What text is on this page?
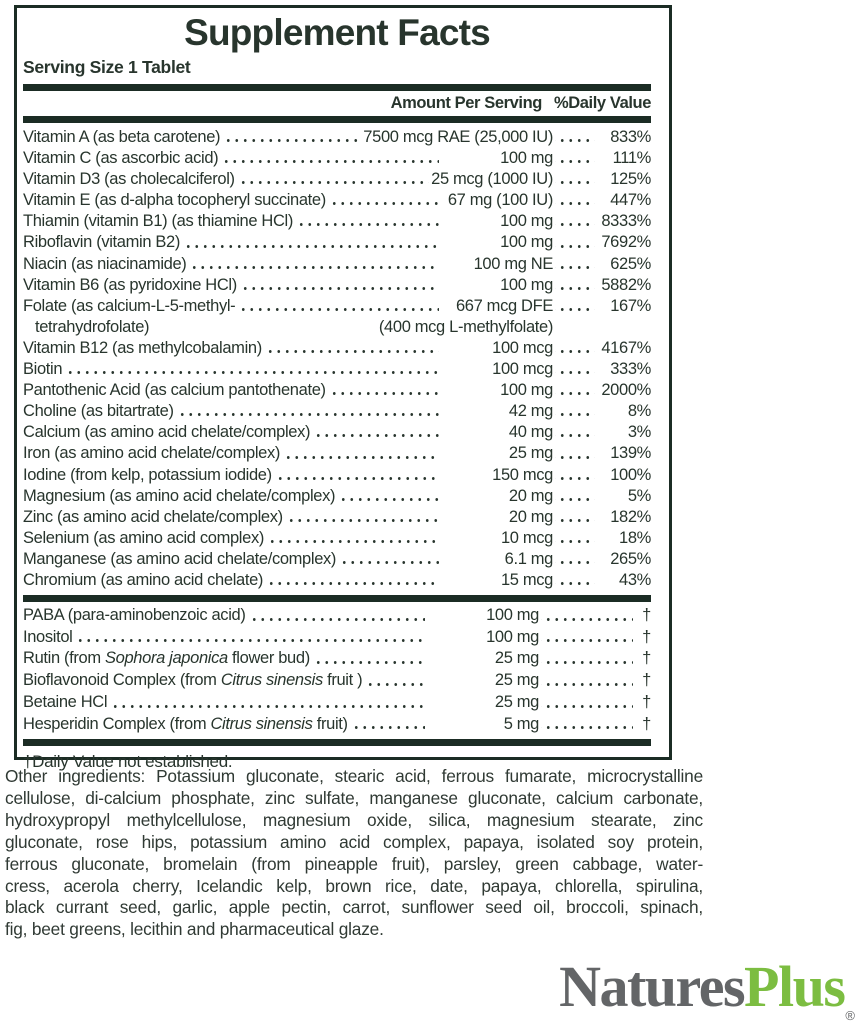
Supplement Facts
Serving Size 1 Tablet
Amount Per Serving %Daily Value
Vitamin A (as beta carotene)	7500 mcg RAE (25,000 IU)	833%
Vitamin C (as ascorbic acid)	100 mg	111%
Vitamin D3 (as cholecalciferol)	25 mcg (1000 IU)	125%
Vitamin E (as d-alpha tocopheryl succinate)	67 mg (100 IU)	447%
Thiamin (vitamin B1) (as thiamine HCl)	100 mg	8333%
Riboflavin (vitamin B2)	100 mg	7692%
Niacin (as niacinamide)	100 mg NE	625%
Vitamin B6 (as pyridoxine HCl)	100 mg	5882%
Folate (as calcium-L-5-methyl-	667 mcg DFE	167%
tetrahydrofolate)	(400 mcg L-methylfolate)
Vitamin B12 (as methylcobalamin)	100 mcg	4167%
Biotin	100 mcg	333%
Pantothenic Acid (as calcium pantothenate)	100 mg	2000%
Choline (as bitartrate)	42 mg	8%
Calcium (as amino acid chelate/complex)	40 mg	3%
Iron (as amino acid chelate/complex)	25 mg	139%
Iodine (from kelp, potassium iodide)	150 mcg	100%
Magnesium (as amino acid chelate/complex)	20 mg	5%
Zinc (as amino acid chelate/complex)	20 mg	182%
Selenium (as amino acid complex)	10 mcg	18%
Manganese (as amino acid chelate/complex)	6.1 mg	265%
Chromium (as amino acid chelate)	15 mcg	43%
PABA (para-aminobenzoic acid)	100 mg	†
Inositol	100 mg	†
Rutin (from Sophora japonica flower bud)	25 mg	†
Bioflavonoid Complex (from Citrus sinensis fruit )	25 mg	†
Betaine HCl	25 mg	†
Hesperidin Complex (from Citrus sinensis fruit)	5 mg	†
†Daily Value not established.
Other ingredients: Potassium gluconate, stearic acid, ferrous fumarate, microcrystalline
cellulose, di-calcium phosphate, zinc sulfate, manganese gluconate, calcium carbonate,
hydroxypropyl methylcellulose, magnesium oxide, silica, magnesium stearate, zinc
gluconate, rose hips, potassium amino acid complex, papaya, isolated soy protein,
ferrous gluconate, bromelain (from pineapple fruit), parsley, green cabbage, water-
cress, acerola cherry, Icelandic kelp, brown rice, date, papaya, chlorella, spirulina,
black currant seed, garlic, apple pectin, carrot, sunflower seed oil, broccoli, spinach,
fig, beet greens, lecithin and pharmaceutical glaze.
NaturesPlus$_®$
